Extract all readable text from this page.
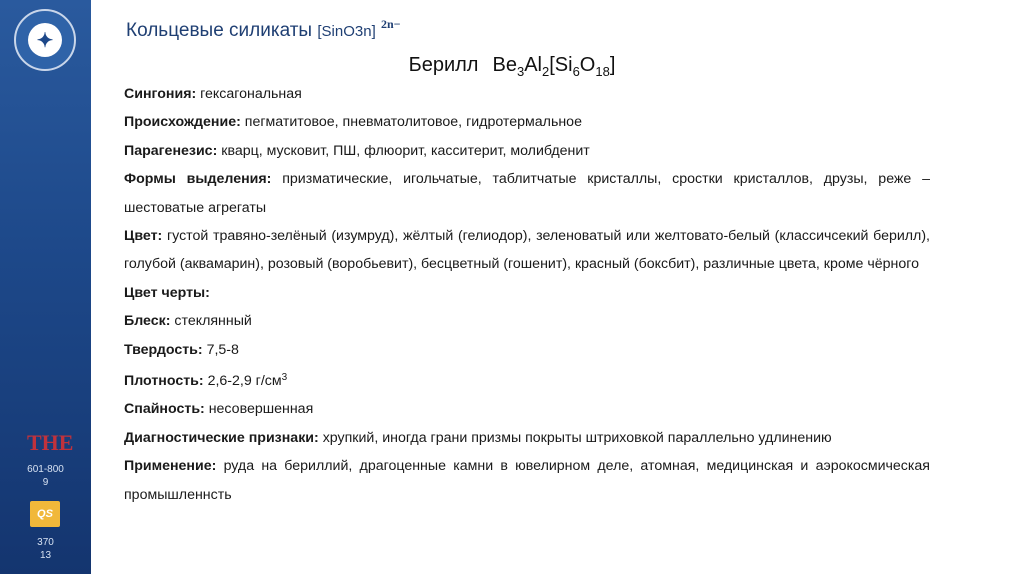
✦
THE
601-800
9
QS
370
13
Кольцевые силикаты [SinO3n] $^{2n-}$
Берилл $Be_3Al_2[Si_6O_{18}]$

Сингония: гексагональная

Происхождение: пегматитовое, пневматолитовое, гидротермальное

Парагенезис: кварц, мусковит, ПШ, флюорит, касситерит, молибденит

Формы выделения: призматические, игольчатые, таблитчатые кристаллы, сростки кристаллов, друзы, реже – шестоватые агрегаты

Цвет: густой травяно-зелёный (изумруд), жёлтый (гелиодор), зеленоватый или желтовато-белый (классичсекий берилл), голубой (аквамарин), розовый (воробьевит), бесцветный (гошенит), красный (боксбит), различные цвета, кроме чёрного

Цвет черты:

Блеск: стеклянный

Твердость: 7,5-8

Плотность: 2,6-2,9 $г/см^3$

Спайность: несовершенная

Диагностические признаки: хрупкий, иногда грани призмы покрыты штриховкой параллельно удлинению

Применение: руда на бериллий, драгоценные камни в ювелирном деле, атомная, медицинская и аэрокосмическая промышленнсть
